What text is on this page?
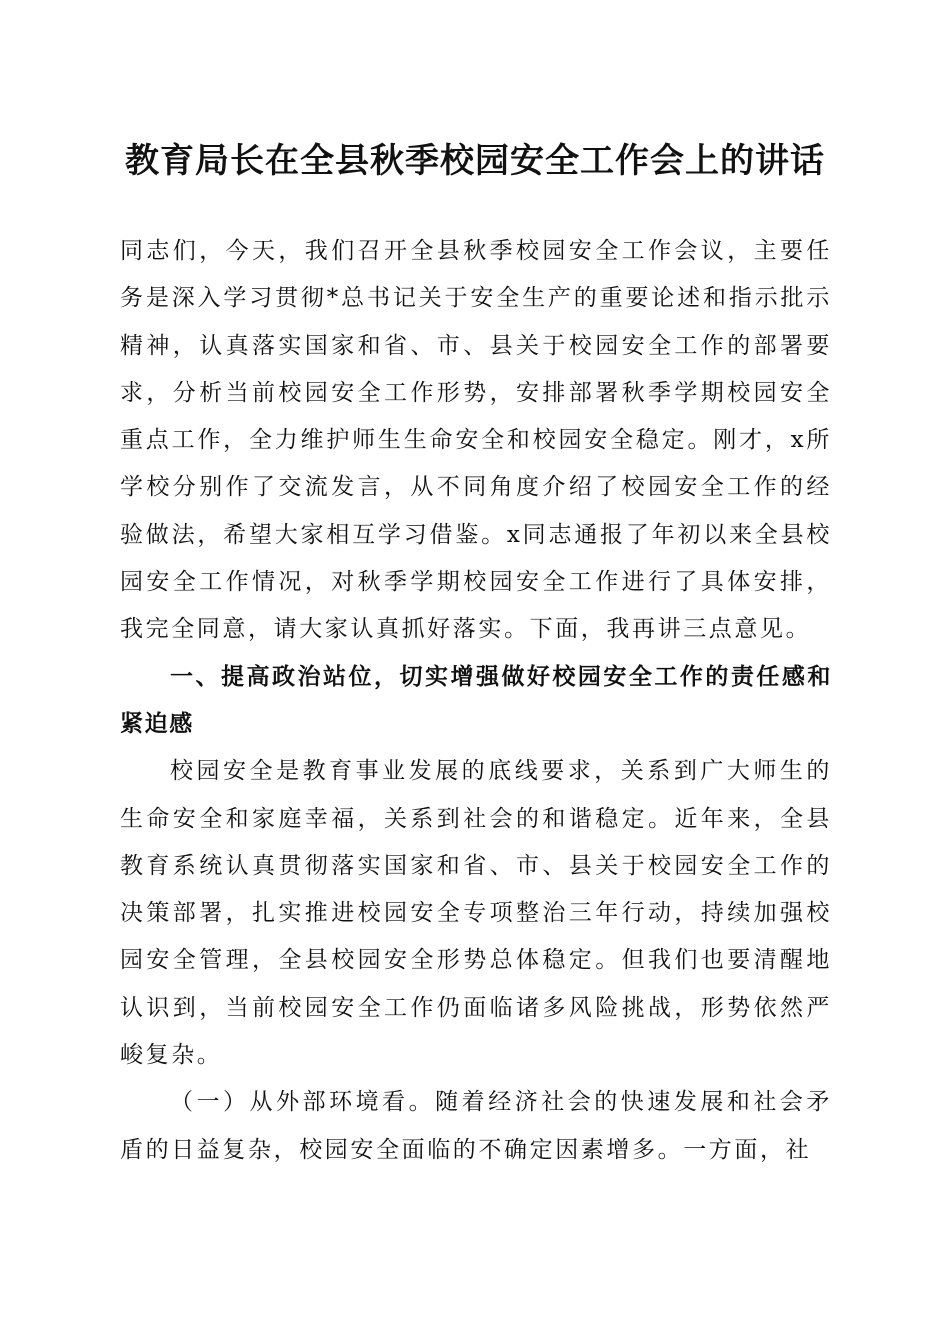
教育局长在全县秋季校园安全工作会上的讲话

同志们，今天，我们召开全县秋季校园安全工作会议，主要任务是深入学习贯彻*总书记关于安全生产的重要论述和指示批示精神，认真落实国家和省、市、县关于校园安全工作的部署要求，分析当前校园安全工作形势，安排部署秋季学期校园安全重点工作，全力维护师生生命安全和校园安全稳定。刚才，x所学校分别作了交流发言，从不同角度介绍了校园安全工作的经验做法，希望大家相互学习借鉴。x同志通报了年初以来全县校园安全工作情况，对秋季学期校园安全工作进行了具体安排，我完全同意，请大家认真抓好落实。下面，我再讲三点意见。

一、提高政治站位，切实增强做好校园安全工作的责任感和紧迫感

校园安全是教育事业发展的底线要求，关系到广大师生的生命安全和家庭幸福，关系到社会的和谐稳定。近年来，全县教育系统认真贯彻落实国家和省、市、县关于校园安全工作的决策部署，扎实推进校园安全专项整治三年行动，持续加强校园安全管理，全县校园安全形势总体稳定。但我们也要清醒地认识到，当前校园安全工作仍面临诸多风险挑战，形势依然严峻复杂。

（一）从外部环境看。随着经济社会的快速发展和社会矛盾的日益复杂，校园安全面临的不确定因素增多。一方面，社
